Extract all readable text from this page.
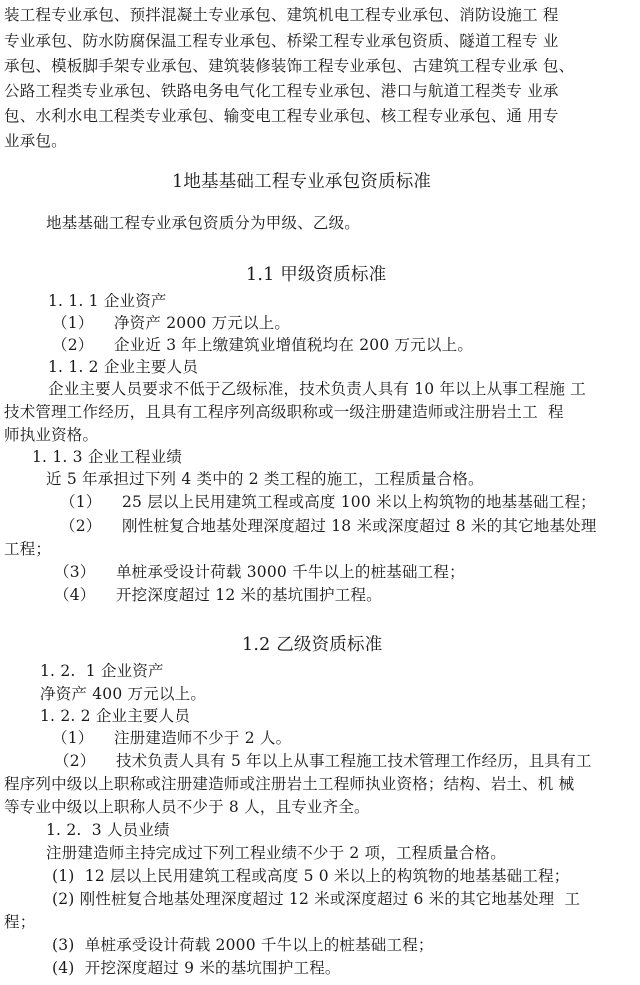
装工程专业承包、预拌混凝土专业承包、建筑机电工程专业承包、消防设施工 程
专业承包、防水防腐保温工程专业承包、桥梁工程专业承包资质、隧道工程专 业
承包、模板脚手架专业承包、建筑装修装饰工程专业承包、古建筑工程专业承 包、
公路工程类专业承包、铁路电务电气化工程专业承包、港口与航道工程类专 业承
包、水利水电工程类专业承包、输变电工程专业承包、核工程专业承包、通 用专
业承包。
1地基基础工程专业承包资质标准
地基基础工程专业承包资质分为甲级、乙级。
1.1 甲级资质标准
1. 1. 1 企业资产
（1）    净资产 2000 万元以上。
（2）    企业近 3 年上缴建筑业增值税均在 200 万元以上。
1. 1. 2 企业主要人员
企业主要人员要求不低于乙级标准，技术负责人具有 10 年以上从事工程施 工
技术管理工作经历，且具有工程序列高级职称或一级注册建造师或注册岩土工  程
师执业资格。
1. 1. 3 企业工程业绩
近 5 年承担过下列 4 类中的 2 类工程的施工，工程质量合格。
（1）    25 层以上民用建筑工程或高度 100 米以上构筑物的地基基础工程；
（2）    刚性桩复合地基处理深度超过 18 米或深度超过 8 米的其它地基处理
工程；
（3）    单桩承受设计荷载 3000 千牛以上的桩基础工程；
（4）    开挖深度超过 12 米的基坑围护工程。
1.2 乙级资质标准
1. 2.  1 企业资产
净资产 400 万元以上。
1. 2. 2 企业主要人员
（1）    注册建造师不少于 2 人。
（2）    技术负责人具有 5 年以上从事工程施工技术管理工作经历，且具有工
程序列中级以上职称或注册建造师或注册岩土工程师执业资格；结构、岩土、机 械
等专业中级以上职称人员不少于 8 人，且专业齐全。
1. 2.  3 人员业绩
注册建造师主持完成过下列工程业绩不少于 2 项，工程质量合格。
(1)  12 层以上民用建筑工程或高度 5 0 米以上的构筑物的地基基础工程；
(2) 刚性桩复合地基处理深度超过 12 米或深度超过 6 米的其它地基处理  工
程；
(3)  单桩承受设计荷载 2000 千牛以上的桩基础工程；
(4)  开挖深度超过 9 米的基坑围护工程。
